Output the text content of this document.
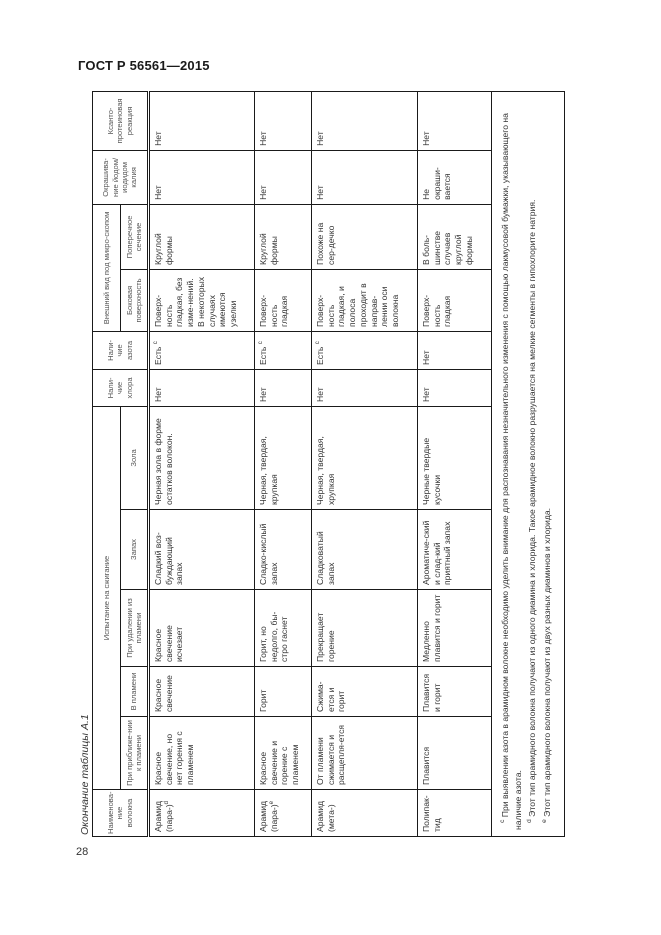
ГОСТ Р 56561—2015
Окончание таблицы А.1
28
Наименова-ние волокна	Испытание на сжигание					Нали-чие хлора	Нали-чие азота	Внешний вид под микро-скопом		Окрашива-ние йодом/ иодидом калия	Ксанто-протеиновая реакция
	При приближе-нии к пламени	В пламени	При удалении из пламени	Запах	Зола			Боковая поверхность	Поперечное сечение		
Арамид (пара-)$^d$	Красное свечение, но нет горения с пламенем	Красное свечение	Красное свечение исчезает	Сладкий воз-буждающий запах	Черная зола в форме остатков волокон.	Нет	Есть $^c$	Поверх-ность гладкая, без изме-нений. В некоторых случаях имеются узелки	Круглой формы	Нет	Нет
Арамид (пара-)$^e$	Красное свечение и горение с пламенем	Горит	Горит, но недолго, бы-стро гаснет	Сладко-кислый запах	Черная, твердая, крупкая	Нет	Есть $^c$	Поверх-ность гладкая	Круглой формы	Нет	Нет
Арамид (мета-)	От пламени сжимается и расщепля-ется	Сжима-ется и горит	Прекращает горение	Сладковатый запах	Черная, твердая, хрупкая	Нет	Есть $^c$	Поверх-ность гладкая, и полоса проходит в направ-лении оси волокна	Похоже на сер-дечко	Нет	Нет
Полипак-тид	Плавится	Плавится и горит	Медленно плавится и горит	Ароматиче-ский и слад-кий приятный запах	Черные твердые кусочки	Нет	Нет	Поверх-ность гладкая	В боль-шинстве случаев круглой формы	Не окраши-вается	Нет

$^c$ При выявлении азота в арамидном волокне необходимо уделить внимание для распознавания незначительного изменения с помощью лакмусовой бумажки, указывающего на наличие азота. $^d$ Этот тип арамидного волокна получают из одного диамина и хлорида. Такое арамидное волокно разрушается на мелкие сегменты в гипохлорите натрия.
$^e$ Этот тип арамидного волокна получают из двух разных диаминов и хлорида.											
